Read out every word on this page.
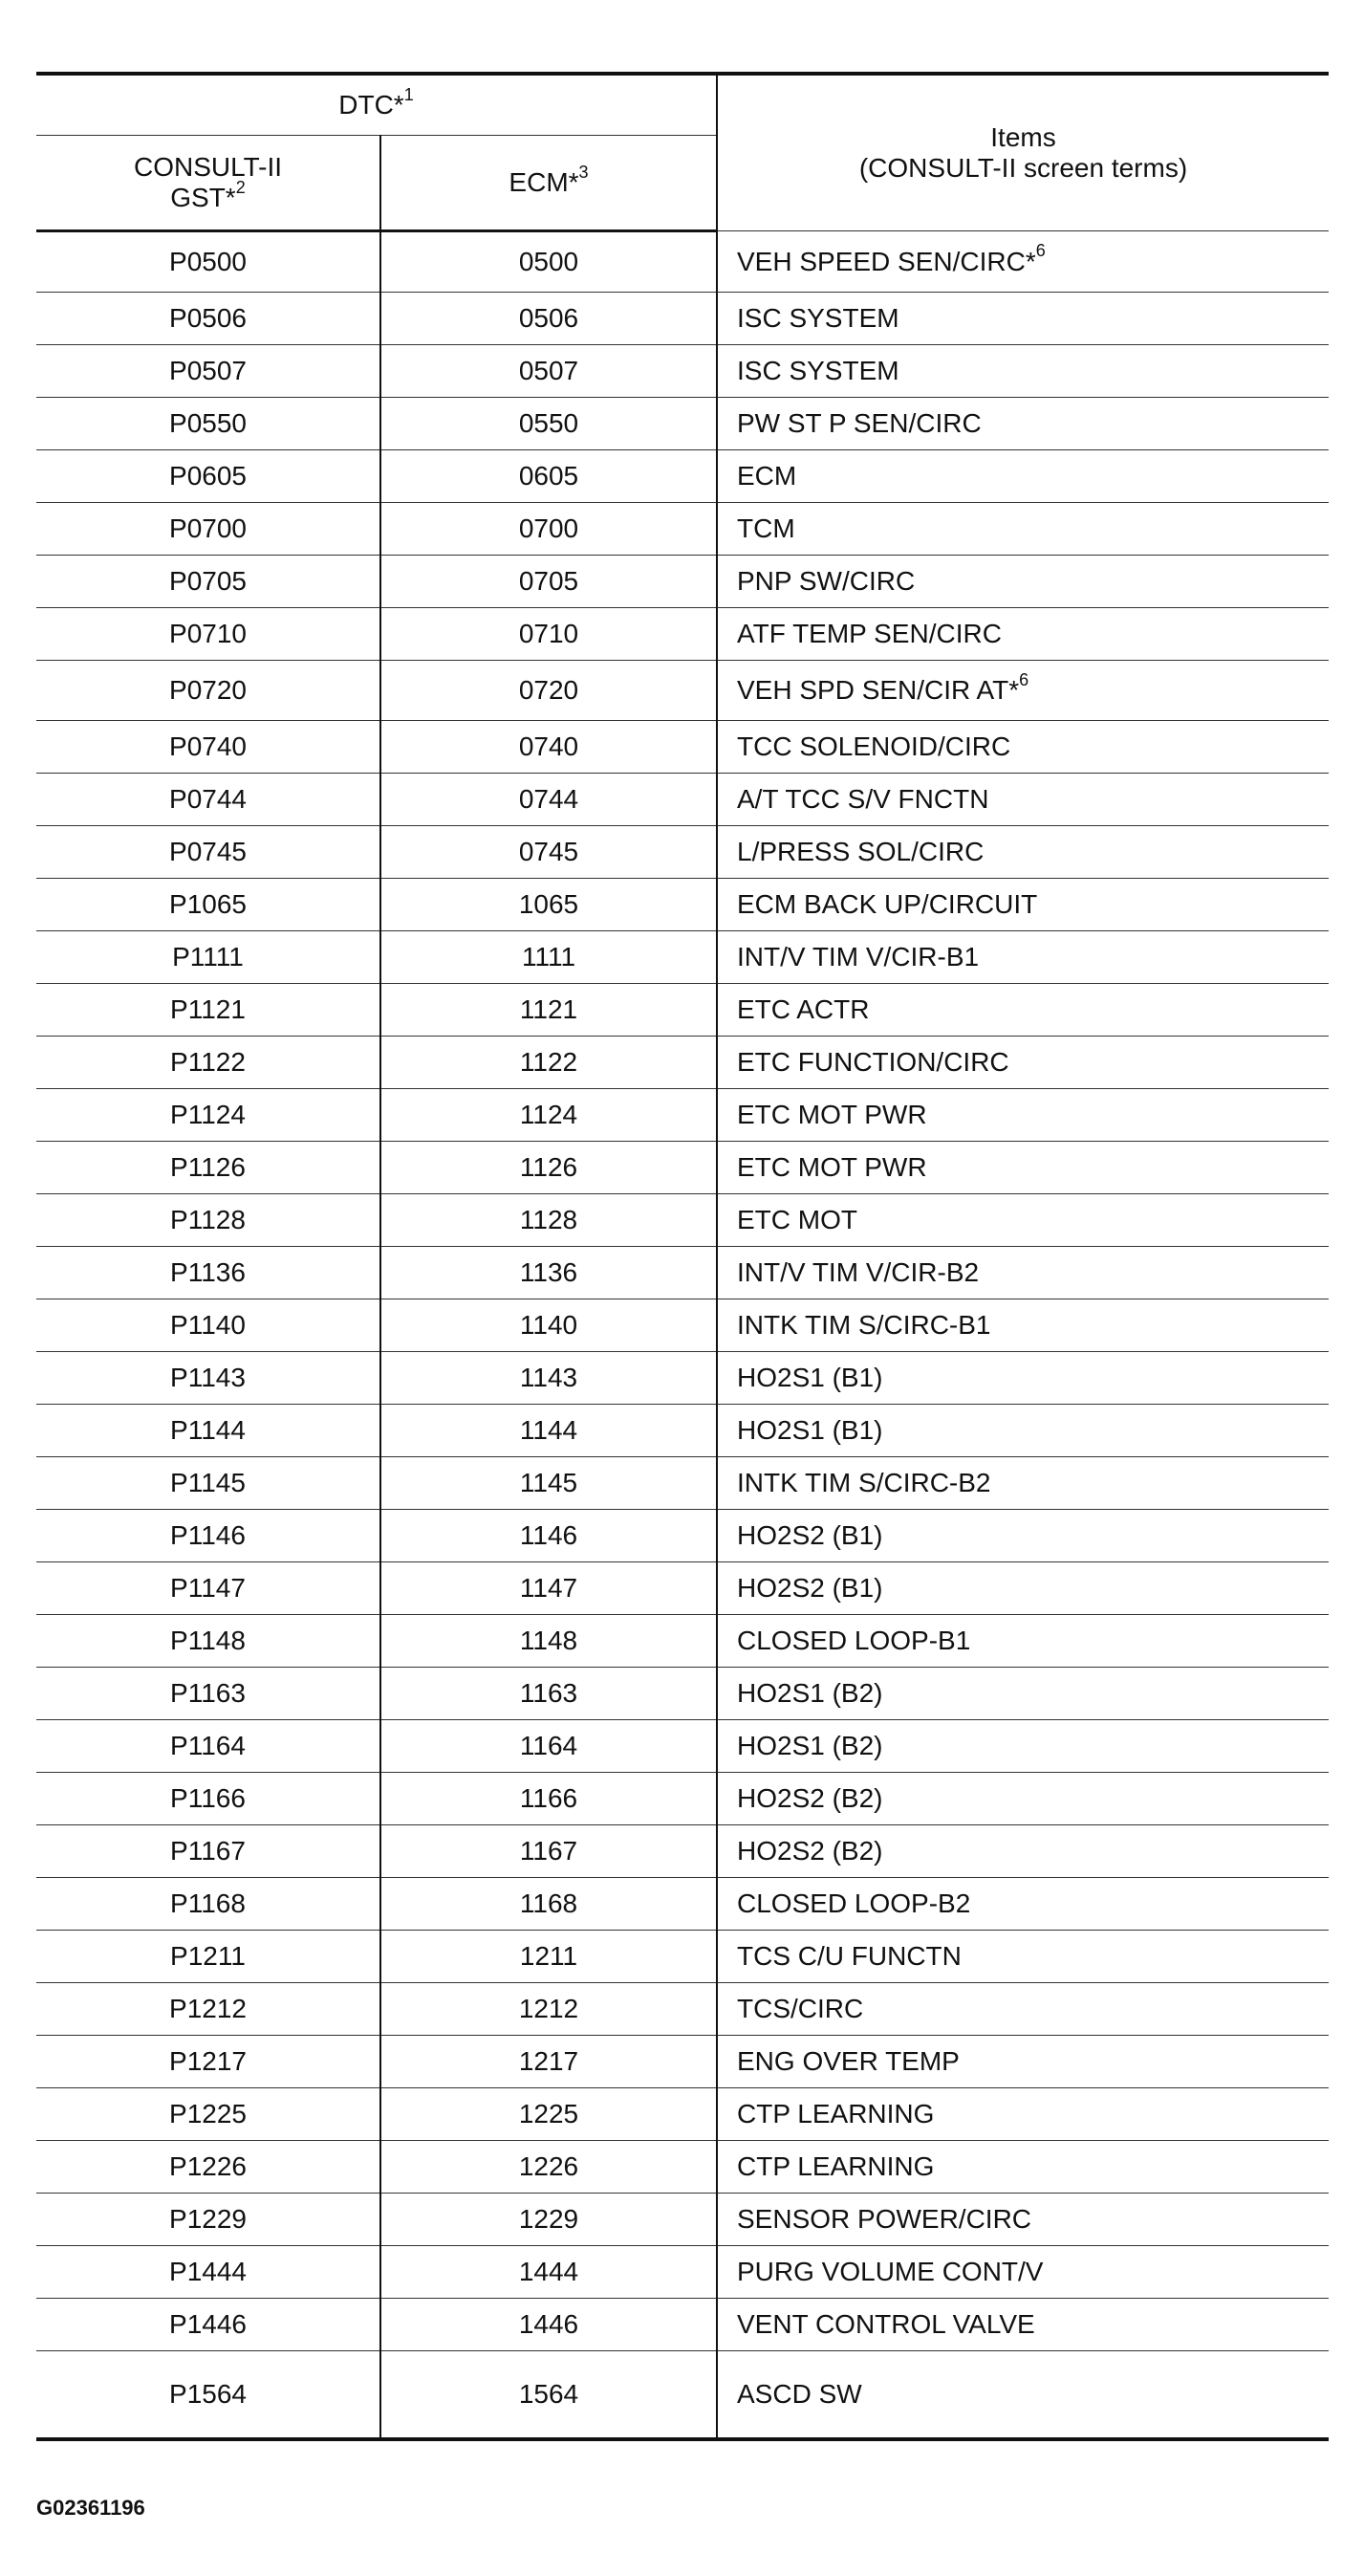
DTC*$^1$		Items
(CONSULT-II screen terms)

CONSULT-II
GST*$^2$	ECM*$^3$
P0500	0500	VEH SPEED SEN/CIRC*$^6$
P0506	0506	ISC SYSTEM
P0507	0507	ISC SYSTEM
P0550	0550	PW ST P SEN/CIRC
P0605	0605	ECM
P0700	0700	TCM
P0705	0705	PNP SW/CIRC
P0710	0710	ATF TEMP SEN/CIRC
P0720	0720	VEH SPD SEN/CIR AT*$^6$
P0740	0740	TCC SOLENOID/CIRC
P0744	0744	A/T TCC S/V FNCTN
P0745	0745	L/PRESS SOL/CIRC
P1065	1065	ECM BACK UP/CIRCUIT
P1111	1111	INT/V TIM V/CIR-B1
P1121	1121	ETC ACTR
P1122	1122	ETC FUNCTION/CIRC
P1124	1124	ETC MOT PWR
P1126	1126	ETC MOT PWR
P1128	1128	ETC MOT
P1136	1136	INT/V TIM V/CIR-B2
P1140	1140	INTK TIM S/CIRC-B1
P1143	1143	HO2S1 (B1)
P1144	1144	HO2S1 (B1)
P1145	1145	INTK TIM S/CIRC-B2
P1146	1146	HO2S2 (B1)
P1147	1147	HO2S2 (B1)
P1148	1148	CLOSED LOOP-B1
P1163	1163	HO2S1 (B2)
P1164	1164	HO2S1 (B2)
P1166	1166	HO2S2 (B2)
P1167	1167	HO2S2 (B2)
P1168	1168	CLOSED LOOP-B2
P1211	1211	TCS C/U FUNCTN
P1212	1212	TCS/CIRC
P1217	1217	ENG OVER TEMP
P1225	1225	CTP LEARNING
P1226	1226	CTP LEARNING
P1229	1229	SENSOR POWER/CIRC
P1444	1444	PURG VOLUME CONT/V
P1446	1446	VENT CONTROL VALVE
P1564	1564	ASCD SW
G02361196
